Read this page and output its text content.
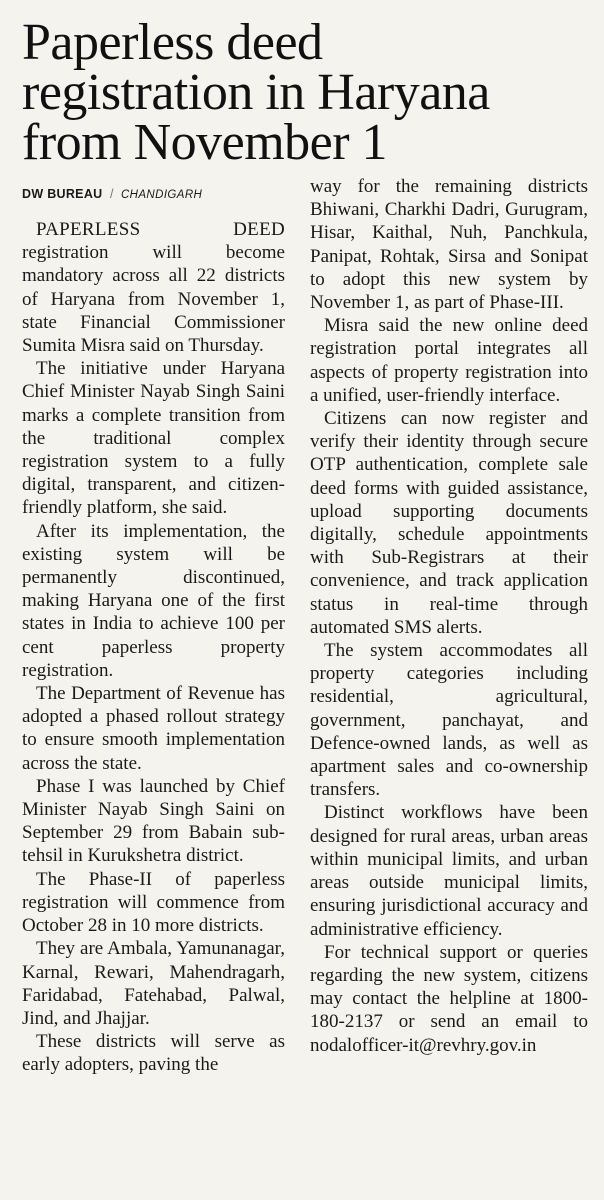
Paperless deed
registration in Haryana
from November 1
DW BUREAU / CHANDIGARH

PAPERLESS DEED registration will become mandatory across all 22 districts of Haryana from November 1, state Financial Commissioner Sumita Misra said on Thursday.

The initiative under Haryana Chief Minister Nayab Singh Saini marks a complete transition from the traditional complex registration system to a fully digital, transparent, and citizen-friendly platform, she said.

After its implementation, the existing system will be permanently discontinued, making Haryana one of the first states in India to achieve 100 per cent paperless property registration.

The Department of Revenue has adopted a phased rollout strategy to ensure smooth implementation across the state.

Phase I was launched by Chief Minister Nayab Singh Saini on September 29 from Babain sub-tehsil in Kurukshetra district.

The Phase-II of paperless registration will commence from October 28 in 10 more districts.

They are Ambala, Yamunanagar, Karnal, Rewari, Mahendragarh, Faridabad, Fatehabad, Palwal, Jind, and Jhajjar.

These districts will serve as early adopters, paving the

way for the remaining districts Bhiwani, Charkhi Dadri, Gurugram, Hisar, Kaithal, Nuh, Panchkula, Panipat, Rohtak, Sirsa and Sonipat to adopt this new system by November 1, as part of Phase-III.

Misra said the new online deed registration portal integrates all aspects of property registration into a unified, user-friendly interface.

Citizens can now register and verify their identity through secure OTP authentication, complete sale deed forms with guided assistance, upload supporting documents digitally, schedule appointments with Sub-Registrars at their convenience, and track application status in real-time through automated SMS alerts.

The system accommodates all property categories including residential, agricultural, government, panchayat, and Defence-owned lands, as well as apartment sales and co-ownership transfers.

Distinct workflows have been designed for rural areas, urban areas within municipal limits, and urban areas outside municipal limits, ensuring jurisdictional accuracy and administrative efficiency.

For technical support or queries regarding the new system, citizens may contact the helpline at 1800-180-2137 or send an email to nodalofficer-it@revhry.gov.in
